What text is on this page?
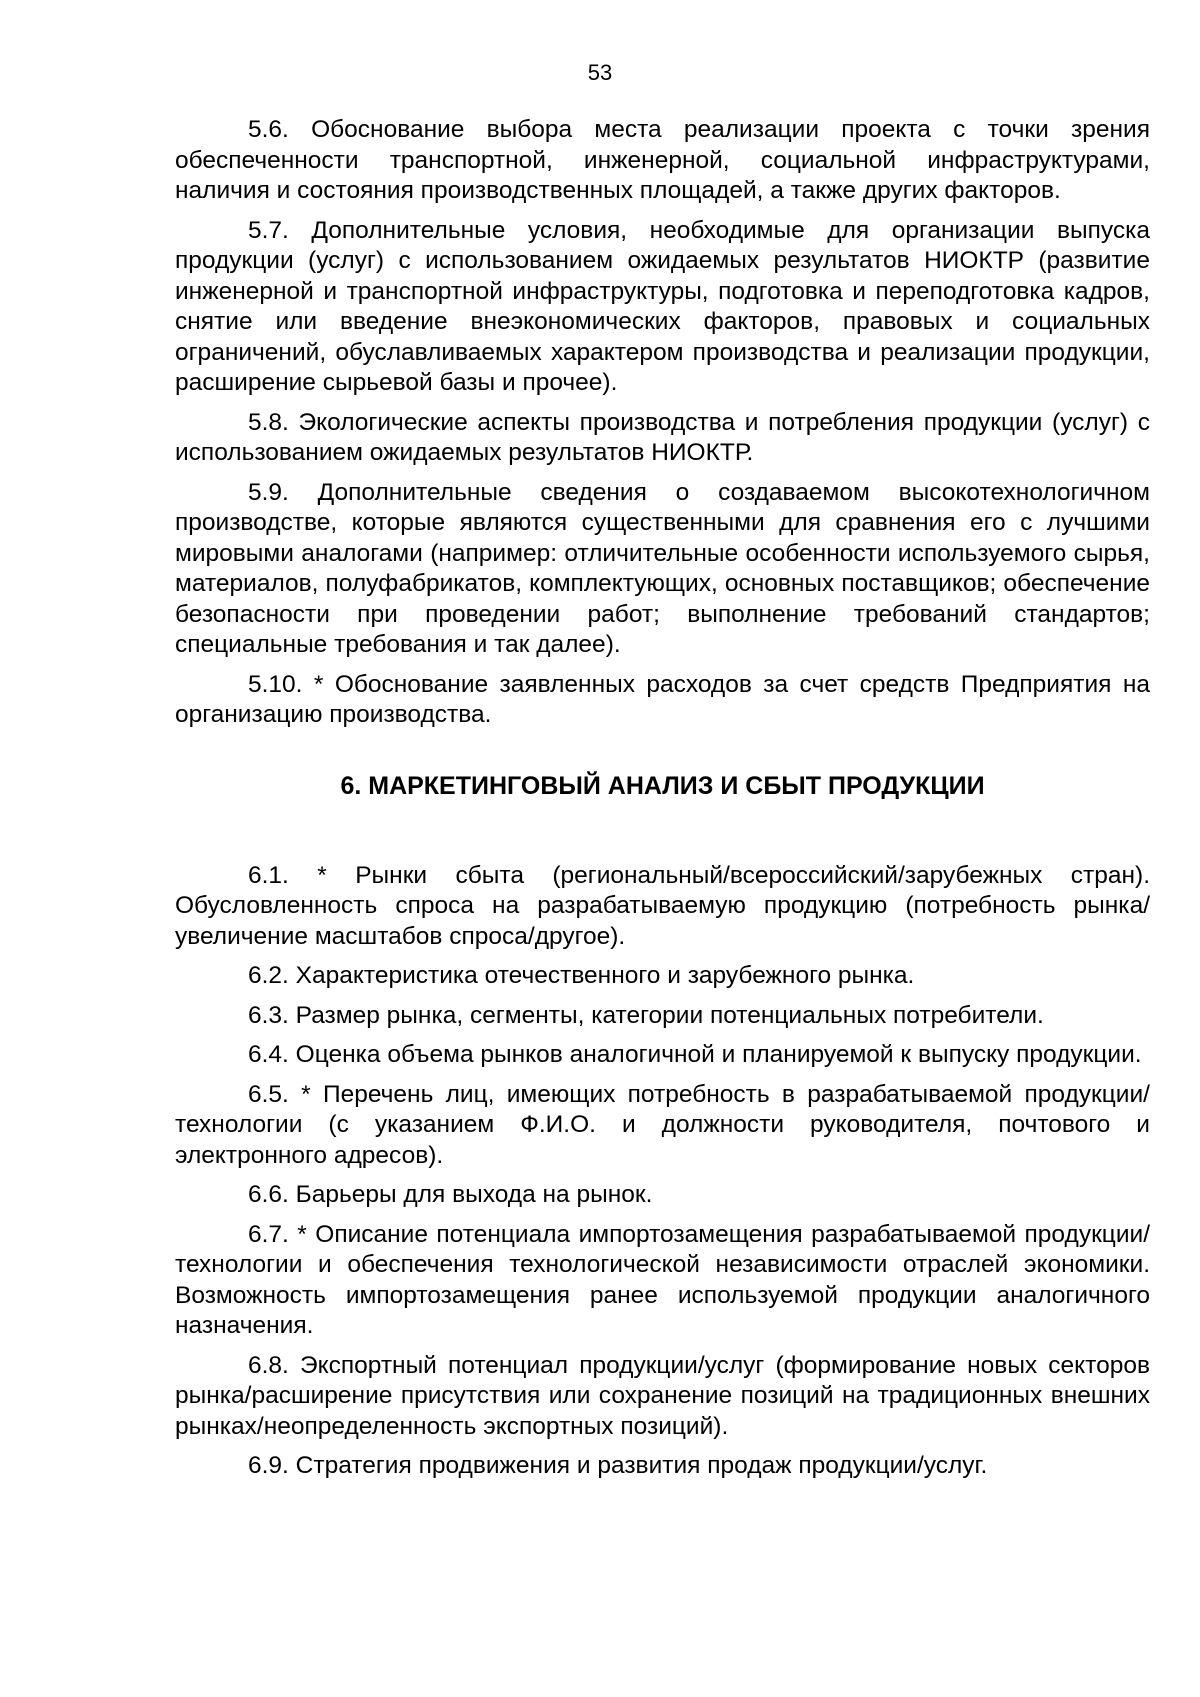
53

5.6. Обоснование выбора места реализации проекта с точки зрения обеспеченности транспортной, инженерной, социальной инфраструктурами, наличия и состояния производственных площадей, а также других факторов.

5.7. Дополнительные условия, необходимые для организации выпуска продукции (услуг) с использованием ожидаемых результатов НИОКТР (развитие инженерной и транспортной инфраструктуры, подготовка и переподготовка кадров, снятие или введение внеэкономических факторов, правовых и социальных ограничений, обуславливаемых характером производства и реализации продукции, расширение сырьевой базы и прочее).

5.8. Экологические аспекты производства и потребления продукции (услуг) с использованием ожидаемых результатов НИОКТР.

5.9. Дополнительные сведения о создаваемом высокотехнологичном производстве, которые являются существенными для сравнения его с лучшими мировыми аналогами (например: отличительные особенности используемого сырья, материалов, полуфабрикатов, комплектующих, основных поставщиков; обеспечение безопасности при проведении работ; выполнение требований стандартов; специальные требования и так далее).

5.10. * Обоснование заявленных расходов за счет средств Предприятия на организацию производства.

6. МАРКЕТИНГОВЫЙ АНАЛИЗ И СБЫТ ПРОДУКЦИИ

6.1. * Рынки сбыта (региональный/всероссийский/зарубежных стран). Обусловленность спроса на разрабатываемую продукцию (потребность рынка/увеличение масштабов спроса/другое).

6.2. Характеристика отечественного и зарубежного рынка.

6.3. Размер рынка, сегменты, категории потенциальных потребители.

6.4. Оценка объема рынков аналогичной и планируемой к выпуску продукции.

6.5. * Перечень лиц, имеющих потребность в разрабатываемой продукции/технологии (с указанием Ф.И.О. и должности руководителя, почтового и электронного адресов).

6.6. Барьеры для выхода на рынок.

6.7. * Описание потенциала импортозамещения разрабатываемой продукции/технологии и обеспечения технологической независимости отраслей экономики. Возможность импортозамещения ранее используемой продукции аналогичного назначения.

6.8. Экспортный потенциал продукции/услуг (формирование новых секторов рынка/расширение присутствия или сохранение позиций на традиционных внешних рынках/неопределенность экспортных позиций).

6.9. Стратегия продвижения и развития продаж продукции/услуг.
